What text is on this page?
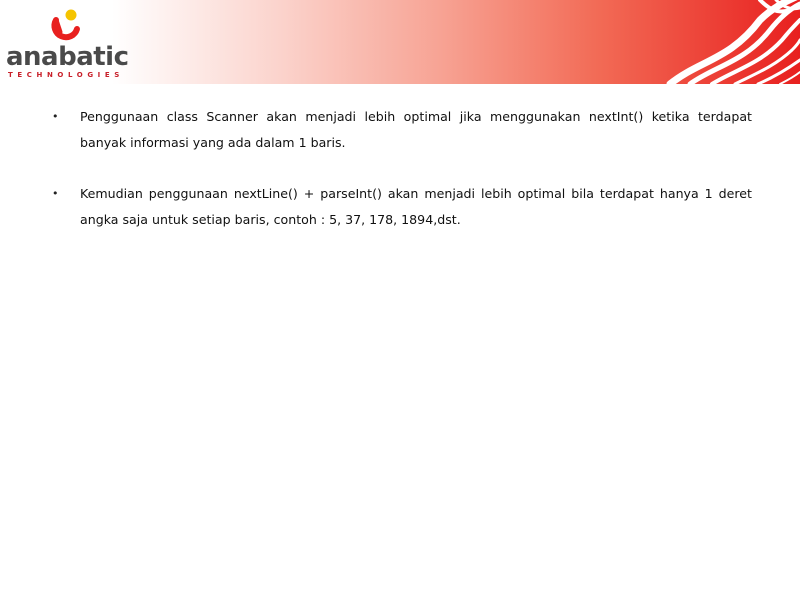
anabatic
TECHNOLOGIES
• Penggunaan class Scanner akan menjadi lebih optimal jika menggunakan nextInt() ketika terdapat banyak informasi yang ada dalam 1 baris.
• Kemudian penggunaan nextLine() + parseInt() akan menjadi lebih optimal bila terdapat hanya 1 deret angka saja untuk setiap baris, contoh : 5, 37, 178, 1894,dst.
